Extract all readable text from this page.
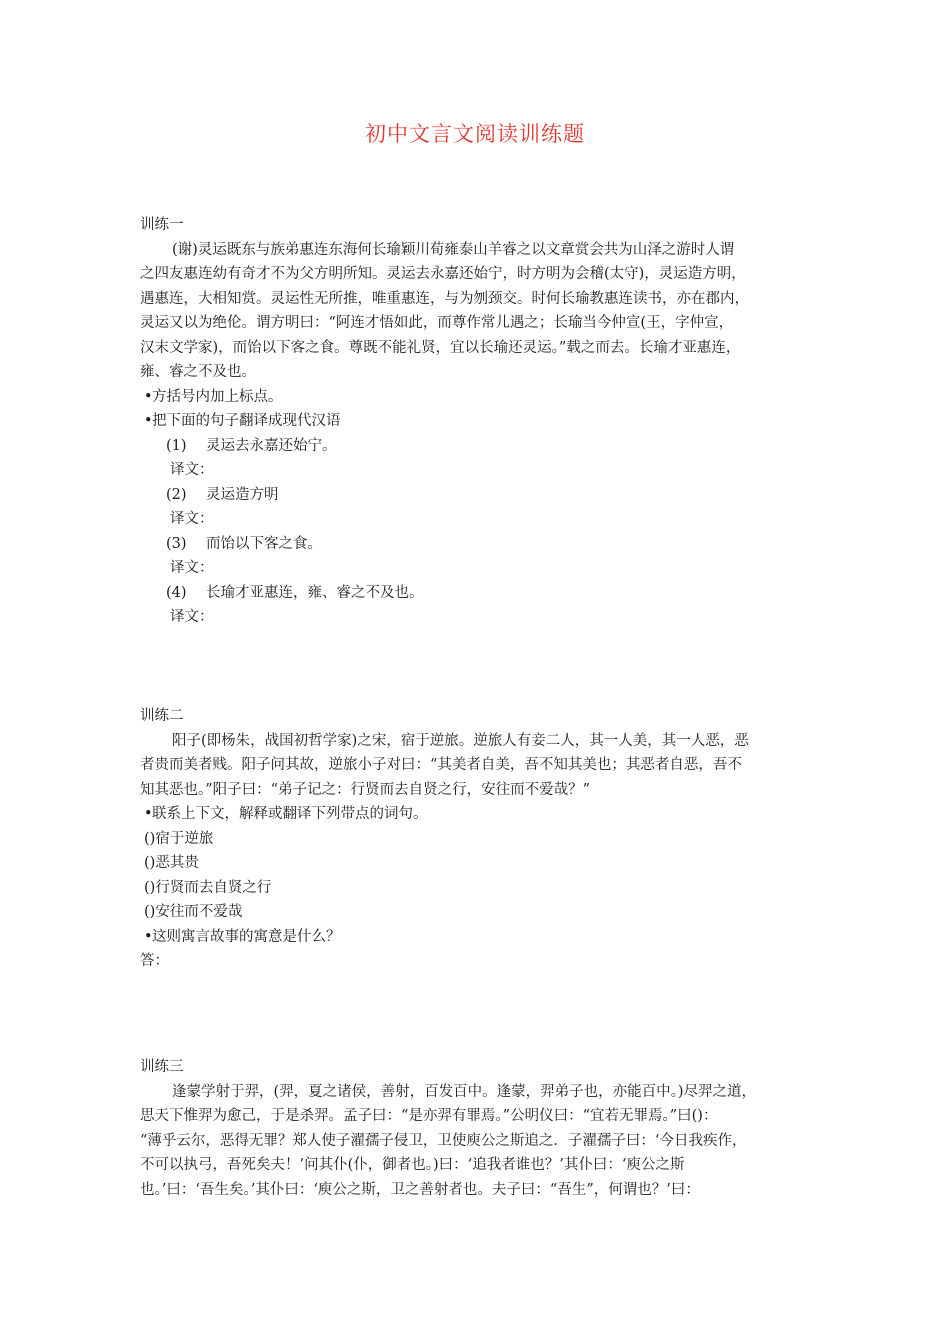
初中文言文阅读训练题

训练一

(谢)灵运既东与族弟惠连东海何长瑜颖川荀雍泰山羊睿之以文章赏会共为山泽之游时人谓

之四友惠连幼有奇才不为父方明所知。灵运去永嘉还始宁，时方明为会稽(太守)，灵运造方明，

遇惠连，大相知赏。灵运性无所推，唯重惠连，与为刎颈交。时何长瑜教惠连读书，亦在郡内，

灵运又以为绝伦。谓方明曰：“阿连才悟如此，而尊作常儿遇之；长瑜当今仲宣(王，字仲宣，

汉末文学家)，而饴以下客之食。尊既不能礼贤，宜以长瑜还灵运。”载之而去。长瑜才亚惠连，

雍、睿之不及也。

•方括号内加上标点。

•把下面的句子翻译成现代汉语

(1) 灵运去永嘉还始宁。

译文：

(2) 灵运造方明

译文：

(3) 而饴以下客之食。

译文：

(4) 长瑜才亚惠连，雍、睿之不及也。

译文：

训练二

阳子(即杨朱，战国初哲学家)之宋，宿于逆旅。逆旅人有妾二人，其一人美，其一人恶，恶

者贵而美者贱。阳子问其故，逆旅小子对曰：“其美者自美，吾不知其美也；其恶者自恶，吾不

知其恶也。”阳子曰：“弟子记之：行贤而去自贤之行，安往而不爱哉？”

•联系上下文，解释或翻译下列带点的词句。

()宿于逆旅

()恶其贵

()行贤而去自贤之行

()安往而不爱哉

•这则寓言故事的寓意是什么？

答：

训练三

逢蒙学射于羿，(羿，夏之诸侯，善射，百发百中。逢蒙，羿弟子也，亦能百中。)尽羿之道，

思天下惟羿为愈己，于是杀羿。孟子曰：“是亦羿有罪焉。”公明仪曰：“宜若无罪焉。”曰()：

“薄乎云尔，恶得无罪？郑人使子濯孺子侵卫，卫使庾公之斯追之．子濯孺子曰：‘今日我疾作，

不可以执弓，吾死矣夫！’问其仆(仆，御者也。)曰：‘追我者谁也？’其仆曰：‘庾公之斯

也。’曰：‘吾生矣。’其仆曰：‘庾公之斯，卫之善射者也。夫子曰：“吾生”，何谓也？’曰：
